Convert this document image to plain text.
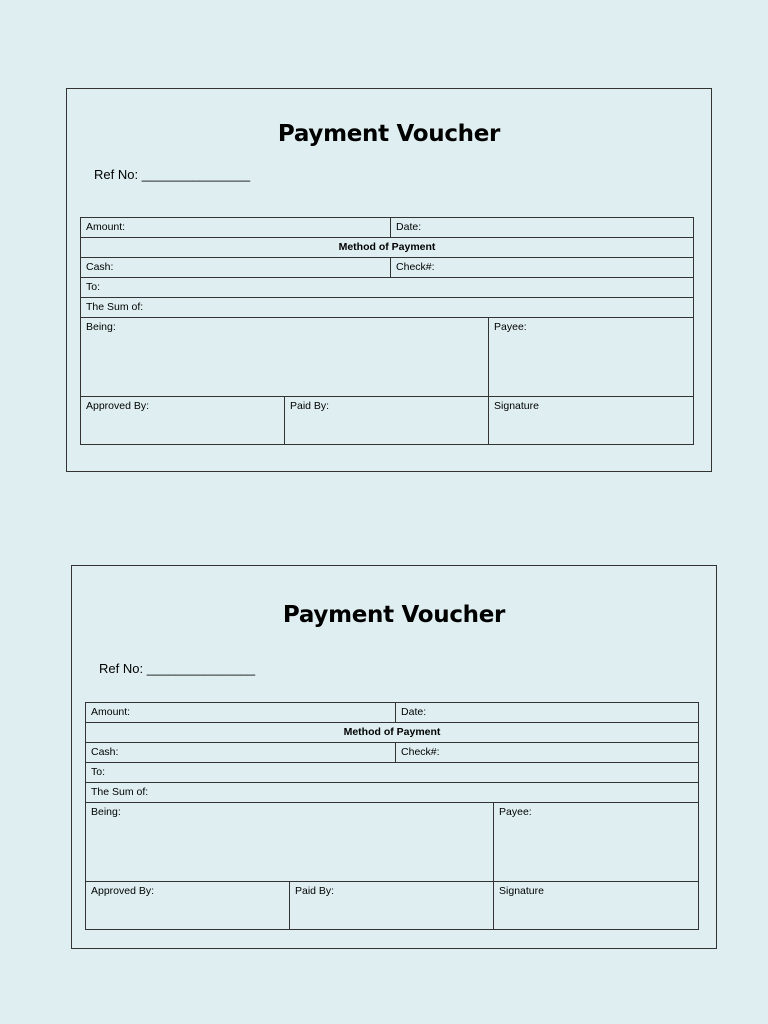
Payment Voucher
Ref No: _______________
Amount:		Date:	
Method of Payment			
Cash:		Check#:	
To:			
The Sum of:			
Being:			Payee:
Approved By:	Paid By:		Signature
Payment Voucher
Ref No: _______________
Amount:		Date:	
Method of Payment			
Cash:		Check#:	
To:			
The Sum of:			
Being:			Payee:
Approved By:	Paid By:		Signature
